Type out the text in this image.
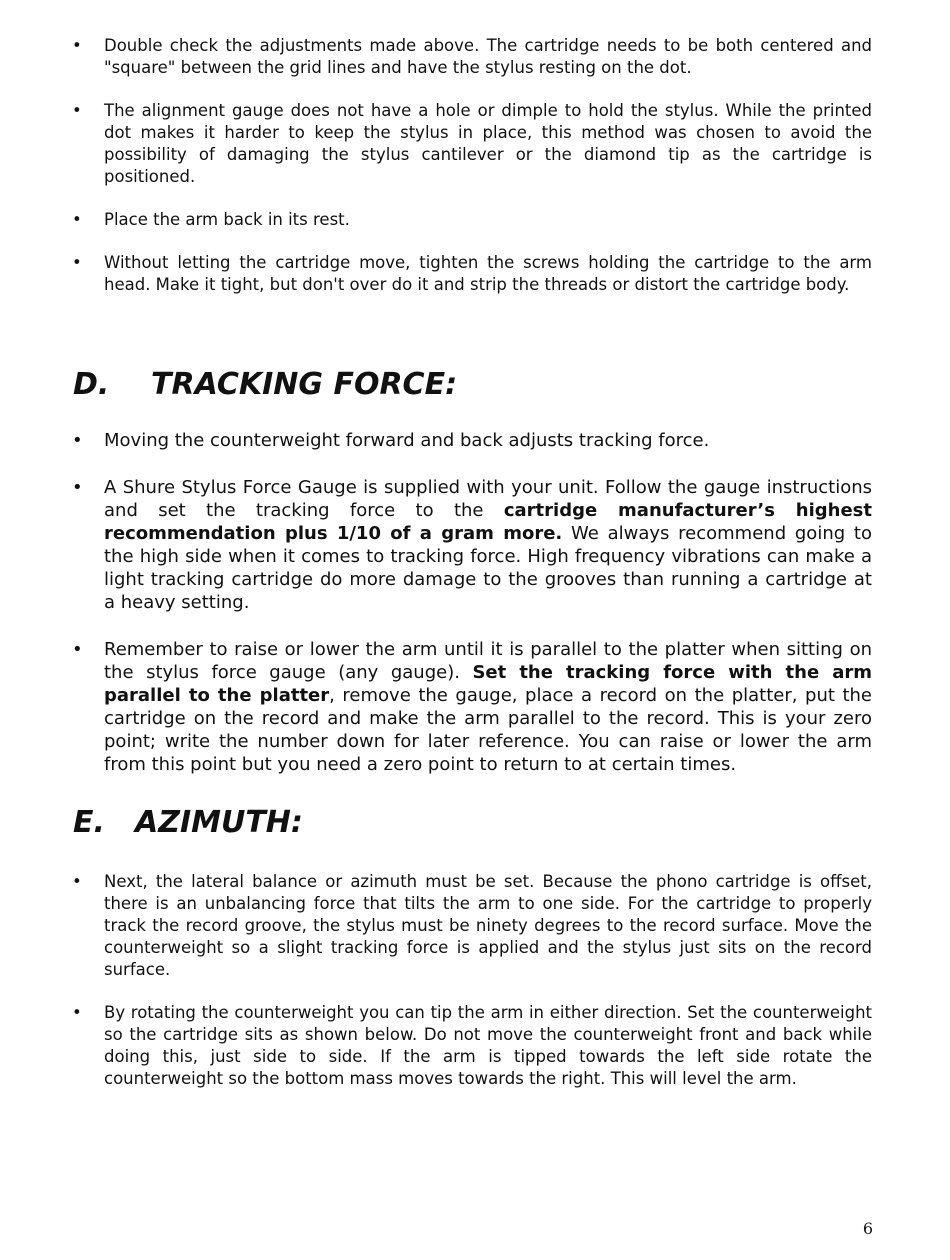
• Double check the adjustments made above. The cartridge needs to be both centered and "square" between the grid lines and have the stylus resting on the dot.
• The alignment gauge does not have a hole or dimple to hold the stylus. While the printed dot makes it harder to keep the stylus in place, this method was chosen to avoid the possibility of damaging the stylus cantilever or the diamond tip as the cartridge is positioned.
• Place the arm back in its rest.
• Without letting the cartridge move, tighten the screws holding the cartridge to the arm head. Make it tight, but don't over do it and strip the threads or distort the cartridge body.
D. TRACKING FORCE:
• Moving the counterweight forward and back adjusts tracking force.
• A Shure Stylus Force Gauge is supplied with your unit. Follow the gauge instructions and set the tracking force to the cartridge manufacturer’s highest recommendation plus 1/10 of a gram more. We always recommend going to the high side when it comes to tracking force. High frequency vibrations can make a light tracking cartridge do more damage to the grooves than running a cartridge at a heavy setting.
• Remember to raise or lower the arm until it is parallel to the platter when sitting on the stylus force gauge (any gauge). Set the tracking force with the arm parallel to the platter, remove the gauge, place a record on the platter, put the cartridge on the record and make the arm parallel to the record. This is your zero point; write the number down for later reference. You can raise or lower the arm from this point but you need a zero point to return to at certain times.
E. AZIMUTH:
• Next, the lateral balance or azimuth must be set. Because the phono cartridge is offset, there is an unbalancing force that tilts the arm to one side. For the cartridge to properly track the record groove, the stylus must be ninety degrees to the record surface. Move the counterweight so a slight tracking force is applied and the stylus just sits on the record surface.
• By rotating the counterweight you can tip the arm in either direction. Set the counterweight so the cartridge sits as shown below. Do not move the counterweight front and back while doing this, just side to side. If the arm is tipped towards the left side rotate the counterweight so the bottom mass moves towards the right. This will level the arm.
6
